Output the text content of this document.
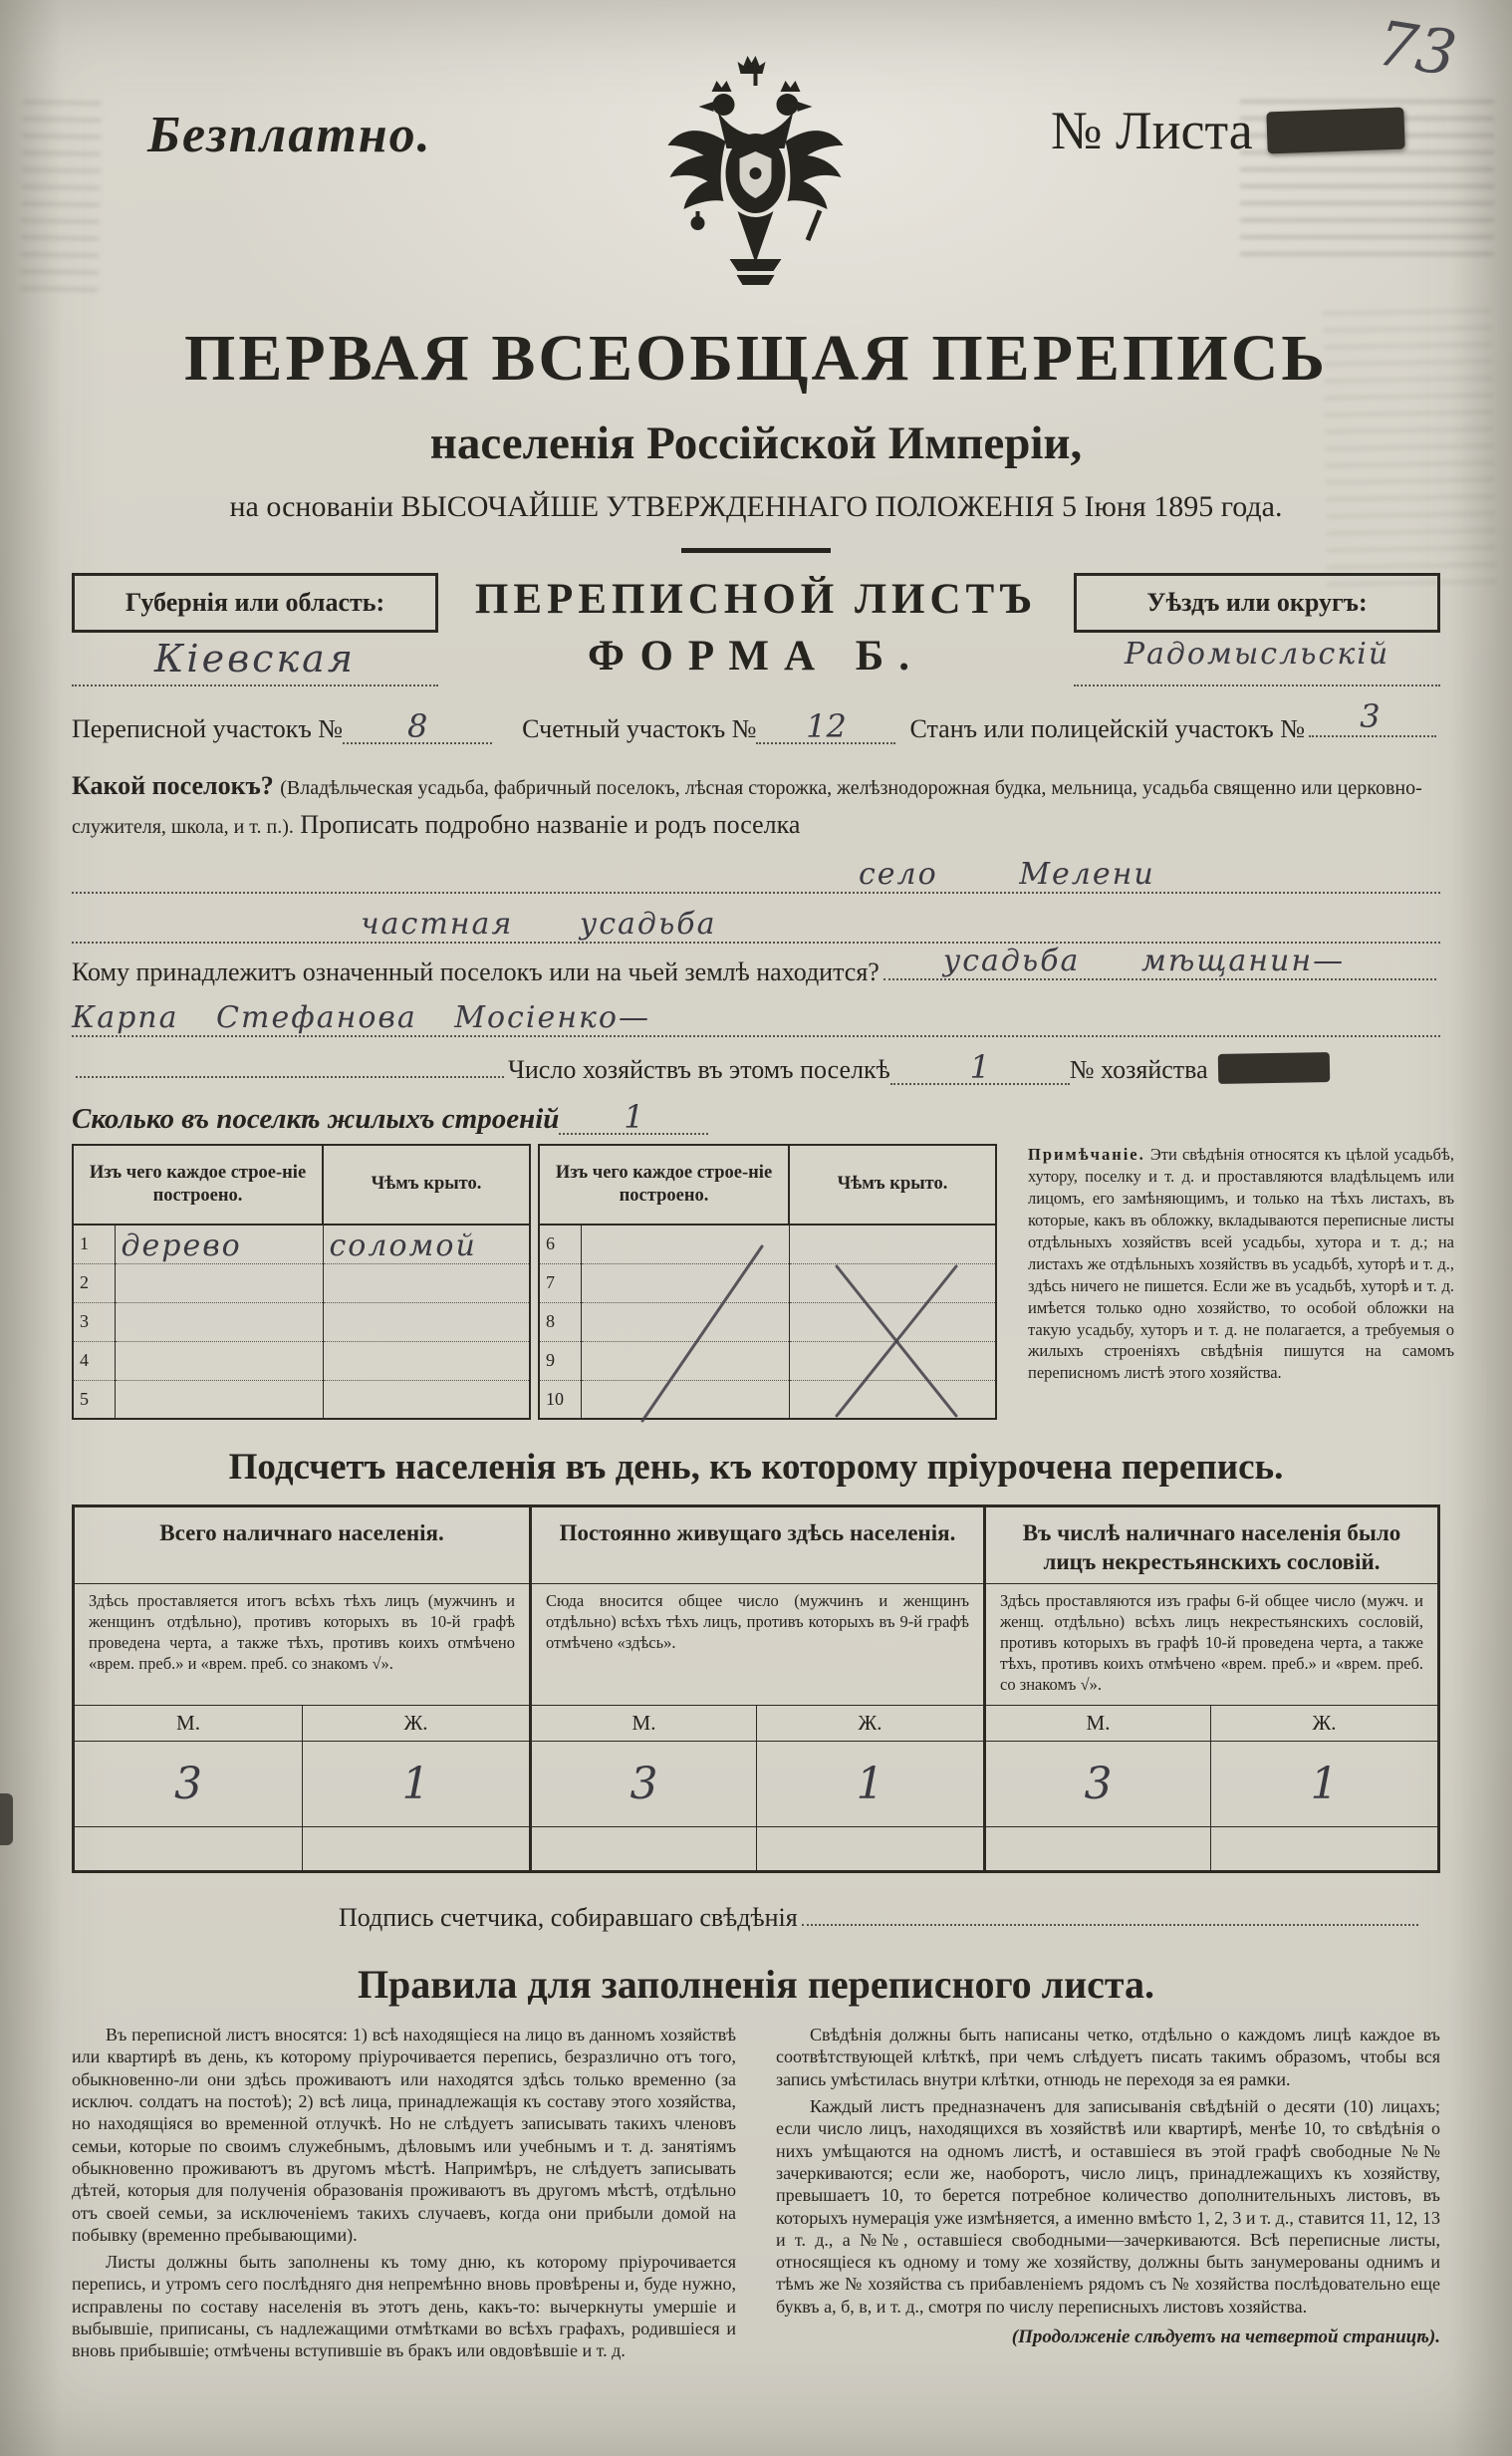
73
Безплатно.	№ Листа
ПЕРВАЯ ВСЕОБЩАЯ ПЕРЕПИСЬ
населенія Россійской Имперіи,
на основаніи ВЫСОЧАЙШЕ УТВЕРЖДЕННАГО ПОЛОЖЕНІЯ 5 Іюня 1895 года.
Губернія или область:
Кіевская
ПЕРЕПИСНОЙ ЛИСТЪ
ФОРМА Б.
Уѣздъ или округъ:
Радомысльскій
Переписной участокъ №	8	Счетный участокъ №	12	Станъ или полицейскій участокъ № 3

Какой поселокъ? (Владѣльческая усадьба, фабричный поселокъ, лѣсная сторожка, желѣзнодорожная будка, мельница, усадьба священно или церковно-служителя, школа, и т. п.). Прописать подробно названіе и родъ поселка

село Мелени
частная усадьба
Кому принадлежитъ означенный поселокъ или на чьей землѣ находится? усадьба мѣщанин—
Карпа Стефанова Мосіенко—
Число хозяйствъ въ этомъ поселкѣ	1	№ хозяйства
Сколько въ поселкѣ жилыхъ строеній	1
Изъ чего каждое строе-ніе построено.		Чѣмъ крыто.
1	дерево	соломой
2		
3		
4		
5		
Изъ чего каждое строе-ніе построено.		Чѣмъ крыто.
6		
7		
8		
9		
10		
Примѣчаніе. Эти свѣдѣнія относятся къ цѣлой усадьбѣ, хутору, поселку и т. д. и проставляются владѣльцемъ или лицомъ, его замѣняющимъ, и только на тѣхъ листахъ, въ которые, какъ въ обложку, вкладываются переписные листы отдѣльныхъ хозяйствъ всей усадьбы, хутора и т. д.; на листахъ же отдѣльныхъ хозяйствъ въ усадьбѣ, хуторѣ и т. д., здѣсь ничего не пишется. Если же въ усадьбѣ, хуторѣ и т. д. имѣется только одно хозяйство, то особой обложки на такую усадьбу, хуторъ и т. д. не полагается, а требуемыя о жилыхъ строеніяхъ свѣдѣнія пишутся на самомъ переписномъ листѣ этого хозяйства.
Подсчетъ населенія въ день, къ которому пріурочена перепись.
Всего наличнаго населенія.	Постоянно живущаго здѣсь населенія.	Въ числѣ наличнаго населенія было лицъ некрестьянскихъ сословій.
Здѣсь проставляется итогъ всѣхъ тѣхъ лицъ (мужчинъ и женщинъ отдѣльно), противъ которыхъ въ 10-й графѣ проведена черта, а также тѣхъ, противъ коихъ отмѣчено «врем. преб.» и «врем. преб. со знакомъ √».
Сюда вносится общее число (мужчинъ и женщинъ отдѣльно) всѣхъ тѣхъ лицъ, противъ которыхъ въ 9-й графѣ отмѣчено «здѣсь».
Здѣсь проставляются изъ графы 6-й общее число (мужч. и женщ. отдѣльно) всѣхъ лицъ некрестьянскихъ сословій, противъ которыхъ въ графѣ 10-й проведена черта, а также тѣхъ, противъ коихъ отмѣчено «врем. преб.» и «врем. преб. со знакомъ √».
М.	Ж.	М.	Ж.	М.	Ж.
3	1	3	1	3	1
Подпись счетчика, собиравшаго свѣдѣнія
Правила для заполненія переписного листа.

Въ переписной листъ вносятся: 1) всѣ находящіеся на лицо въ данномъ хозяйствѣ или квартирѣ въ день, къ которому пріурочивается перепись, безразлично отъ того, обыкновенно-ли они здѣсь проживаютъ или находятся здѣсь только временно (за исключ. солдатъ на постоѣ); 2) всѣ лица, принадлежащія къ составу этого хозяйства, но находящіяся во временной отлучкѣ. Но не слѣдуетъ записывать такихъ членовъ семьи, которые по своимъ служебнымъ, дѣловымъ или учебнымъ и т. д. занятіямъ обыкновенно проживаютъ въ другомъ мѣстѣ. Напримѣръ, не слѣдуетъ записывать дѣтей, которыя для полученія образованія проживаютъ въ другомъ мѣстѣ, отдѣльно отъ своей семьи, за исключеніемъ такихъ случаевъ, когда они прибыли домой на побывку (временно пребывающими).

Листы должны быть заполнены къ тому дню, къ которому пріурочивается перепись, и утромъ сего послѣдняго дня непремѣнно вновь провѣрены и, буде нужно, исправлены по составу населенія въ этотъ день, какъ-то: вычеркнуты умершіе и выбывшіе, приписаны, съ надлежащими отмѣтками во всѣхъ графахъ, родившіеся и вновь прибывшіе; отмѣчены вступившіе въ бракъ или овдовѣвшіе и т. д.

Свѣдѣнія должны быть написаны четко, отдѣльно о каждомъ лицѣ каждое въ соотвѣтствующей клѣткѣ, при чемъ слѣдуетъ писать такимъ образомъ, чтобы вся запись умѣстилась внутри клѣтки, отнюдь не переходя за ея рамки.

Каждый листъ предназначенъ для записыванія свѣдѣній о десяти (10) лицахъ; если число лицъ, находящихся въ хозяйствѣ или квартирѣ, менѣе 10, то свѣдѣнія о нихъ умѣщаются на одномъ листѣ, и оставшіеся въ этой графѣ свободные №№ зачеркиваются; если же, наоборотъ, число лицъ, принадлежащихъ къ хозяйству, превышаетъ 10, то берется потребное количество дополнительныхъ листовъ, въ которыхъ нумерація уже измѣняется, а именно вмѣсто 1, 2, 3 и т. д., ставится 11, 12, 13 и т. д., а №№, оставшіеся свободными—зачеркиваются. Всѣ переписные листы, относящіеся къ одному и тому же хозяйству, должны быть занумерованы однимъ и тѣмъ же № хозяйства съ прибавленіемъ рядомъ съ № хозяйства послѣдовательно еще буквъ а, б, в, и т. д., смотря по числу переписныхъ листовъ хозяйства.

(Продолженіе слѣдуетъ на четвертой страницѣ).
